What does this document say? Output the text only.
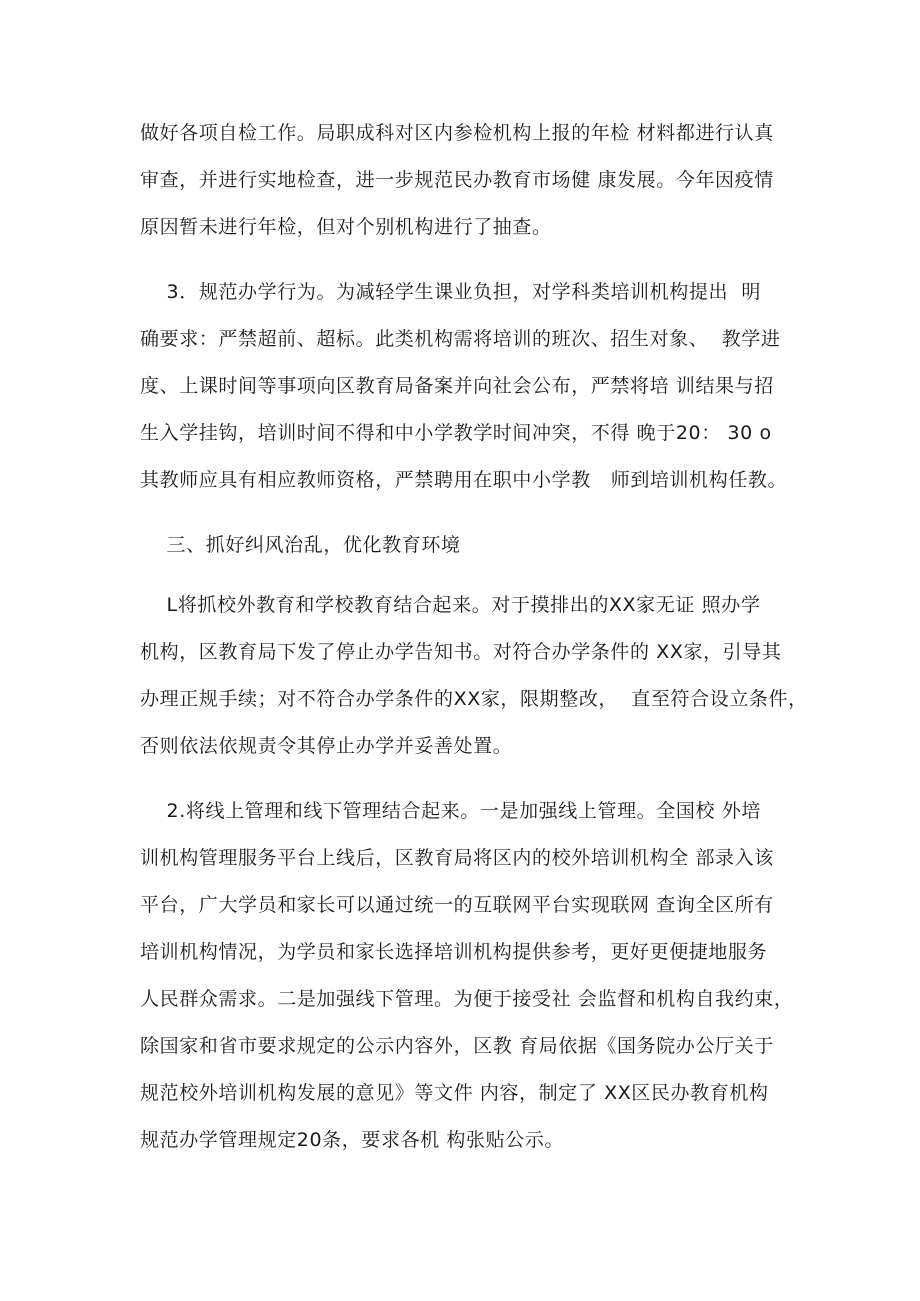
做好各项自检工作。局职成科对区内参检机构上报的年检 材料都进行认真
审查，并进行实地检查，进一步规范民办教育市场健 康发展。今年因疫情
原因暂未进行年检，但对个别机构进行了抽查。
3．规范办学行为。为减轻学生课业负担，对学科类培训机构提出  明
确要求：严禁超前、超标。此类机构需将培训的班次、招生对象、  教学进
度、上课时间等事项向区教育局备案并向社会公布，严禁将培 训结果与招
生入学挂钩，培训时间不得和中小学教学时间冲突，不得 晚于20： 30 o
其教师应具有相应教师资格，严禁聘用在职中小学教   师到培训机构任教。
三、抓好纠风治乱，优化教育环境
L将抓校外教育和学校教育结合起来。对于摸排出的XX家无证 照办学
机构，区教育局下发了停止办学告知书。对符合办学条件的 XX家，引导其
办理正规手续；对不符合办学条件的XX家，限期整改，  直至符合设立条件，
否则依法依规责令其停止办学并妥善处置。
2.将线上管理和线下管理结合起来。一是加强线上管理。全国校 外培
训机构管理服务平台上线后，区教育局将区内的校外培训机构全 部录入该
平台，广大学员和家长可以通过统一的互联网平台实现联网 查询全区所有
培训机构情况，为学员和家长选择培训机构提供参考，更好更便捷地服务
人民群众需求。二是加强线下管理。为便于接受社 会监督和机构自我约束，
除国家和省市要求规定的公示内容外，区教 育局依据《国务院办公厅关于
规范校外培训机构发展的意见》等文件 内容，制定了 XX区民办教育机构
规范办学管理规定20条，要求各机 构张贴公示。
